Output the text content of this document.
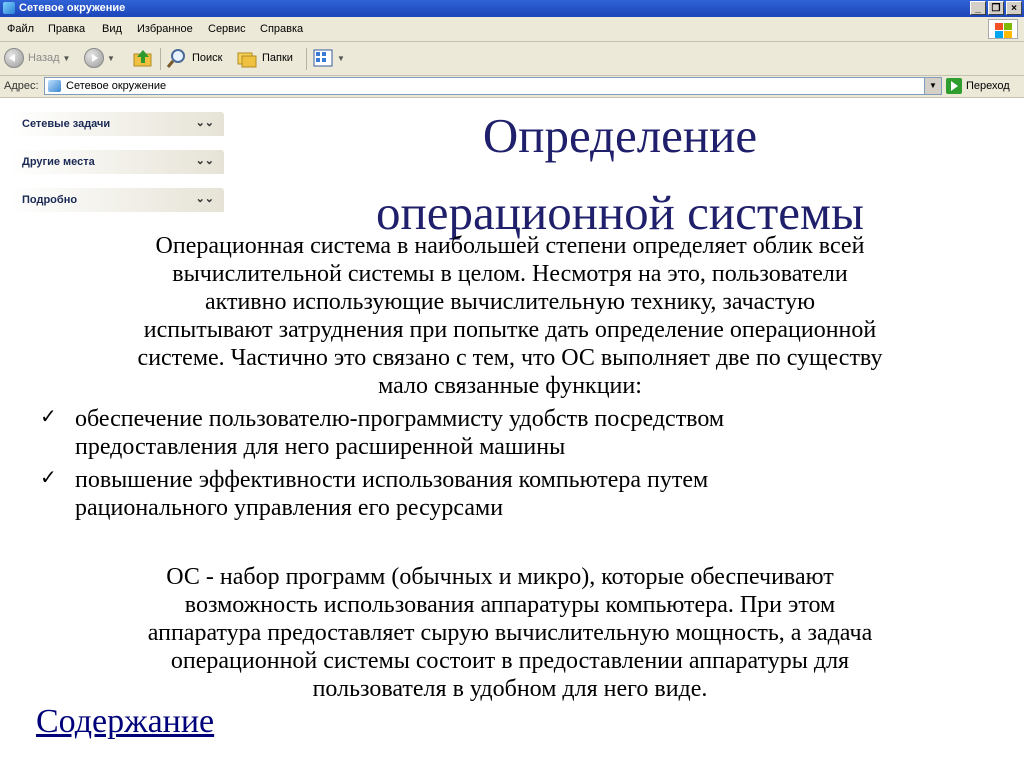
Сетевое окружение	_	❐	×
Файл Правка Вид Избранное Сервис Справка
Назад ▼	▼	Поиск	Папки	▼
Адрес: Сетевое окружение	▼	Переход
Сетевые задачи	⌄⌄
Другие места	⌄⌄
Подробно	⌄⌄
Определение
операционной системы
Операционная система в наибольшей степени определяет облик всей
вычислительной системы в целом. Несмотря на это, пользователи
активно использующие вычислительную технику, зачастую
испытывают затруднения при попытке дать определение операционной
системе. Частично это связано с тем, что ОС выполняет две по существу
мало связанные функции:
✓ обеспечение пользователю-программисту удобств посредством
предоставления для него расширенной машины
✓ повышение эффективности использования компьютера путем
рационального управления его ресурсами
ОС - набор программ (обычных и микро), которые обеспечивают
возможность использования аппаратуры компьютера. При этом
аппаратура предоставляет сырую вычислительную мощность, а задача
операционной системы состоит в предоставлении аппаратуры для
пользователя в удобном для него виде.
Содержание
